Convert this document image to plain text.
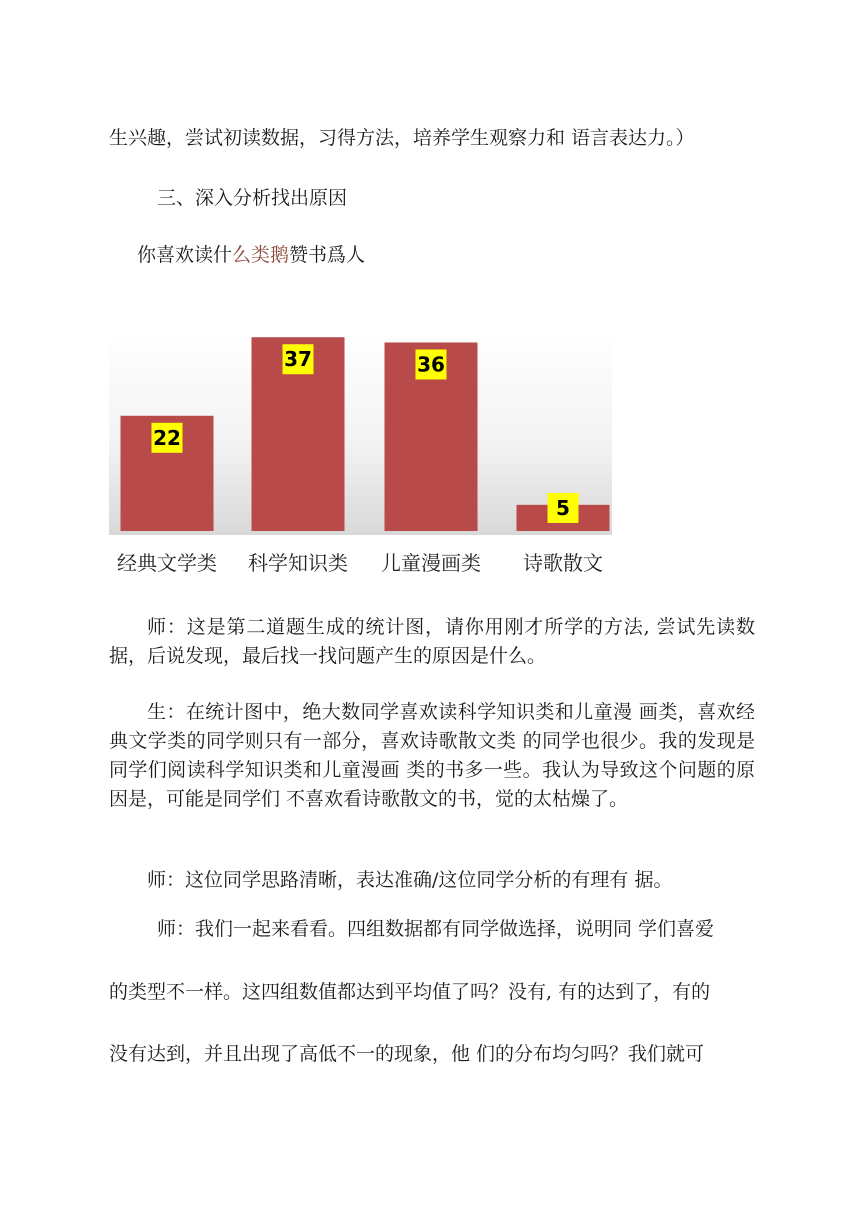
生兴趣，尝试初读数据，习得方法，培养学生观察力和 语言表达力。）

三、深入分析找出原因

你喜欢读什么类鹅赞书爲人

22
经典文学类
37
科学知识类
36
儿童漫画类
5
诗歌散文

师：这是第二道题生成的统计图，请你用刚才所学的方法, 尝试先读数据，后说发现，最后找一找问题产生的原因是什么。

生：在统计图中，绝大数同学喜欢读科学知识类和儿童漫 画类，喜欢经典文学类的同学则只有一部分，喜欢诗歌散文类 的同学也很少。我的发现是同学们阅读科学知识类和儿童漫画 类的书多一些。我认为导致这个问题的原因是，可能是同学们 不喜欢看诗歌散文的书，觉的太枯燥了。

师：这位同学思路清晰，表达准确/这位同学分析的有理有 据。

师：我们一起来看看。四组数据都有同学做选择，说明同 学们喜爱

的类型不一样。这四组数值都达到平均值了吗？没有, 有的达到了，有的

没有达到，并且出现了高低不一的现象，他 们的分布均匀吗？我们就可
